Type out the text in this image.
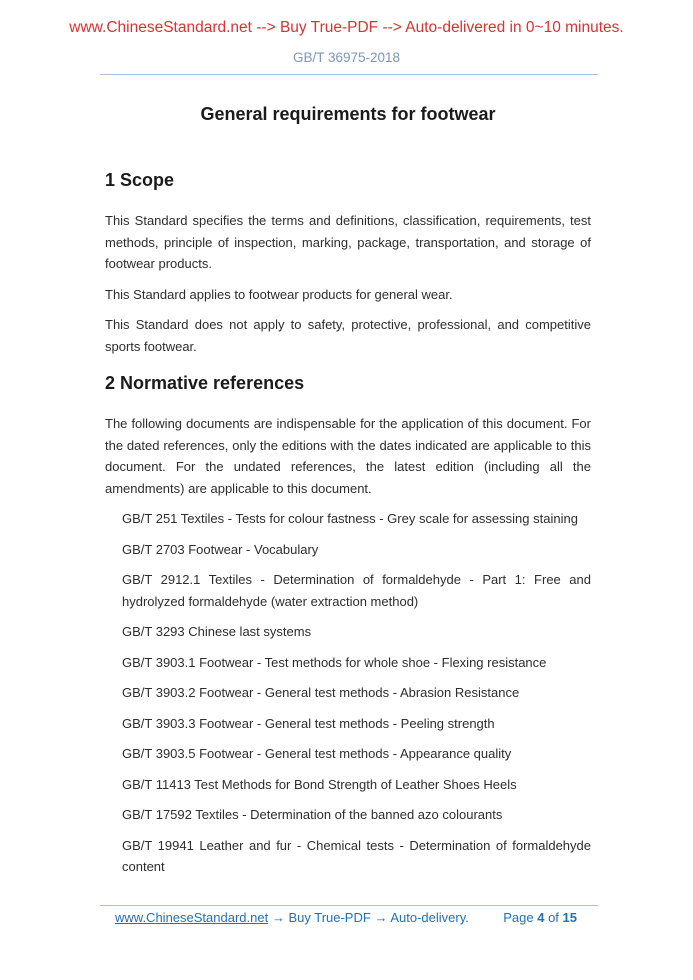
www.ChineseStandard.net --> Buy True-PDF --> Auto-delivered in 0~10 minutes.
GB/T 36975-2018
General requirements for footwear
1 Scope

This Standard specifies the terms and definitions, classification, requirements, test methods, principle of inspection, marking, package, transportation, and storage of footwear products.

This Standard applies to footwear products for general wear.

This Standard does not apply to safety, protective, professional, and competitive sports footwear.

2 Normative references

The following documents are indispensable for the application of this document. For the dated references, only the editions with the dates indicated are applicable to this document. For the undated references, the latest edition (including all the amendments) are applicable to this document.

GB/T 251 Textiles - Tests for colour fastness - Grey scale for assessing staining

GB/T 2703 Footwear - Vocabulary

GB/T 2912.1 Textiles - Determination of formaldehyde - Part 1: Free and hydrolyzed formaldehyde (water extraction method)

GB/T 3293 Chinese last systems

GB/T 3903.1 Footwear - Test methods for whole shoe - Flexing resistance

GB/T 3903.2 Footwear - General test methods - Abrasion Resistance

GB/T 3903.3 Footwear - General test methods - Peeling strength

GB/T 3903.5 Footwear - General test methods - Appearance quality

GB/T 11413 Test Methods for Bond Strength of Leather Shoes Heels

GB/T 17592 Textiles - Determination of the banned azo colourants

GB/T 19941 Leather and fur - Chemical tests - Determination of formaldehyde content

www.ChineseStandard.net → Buy True-PDF → Auto-delivery.	Page 4 of 15
